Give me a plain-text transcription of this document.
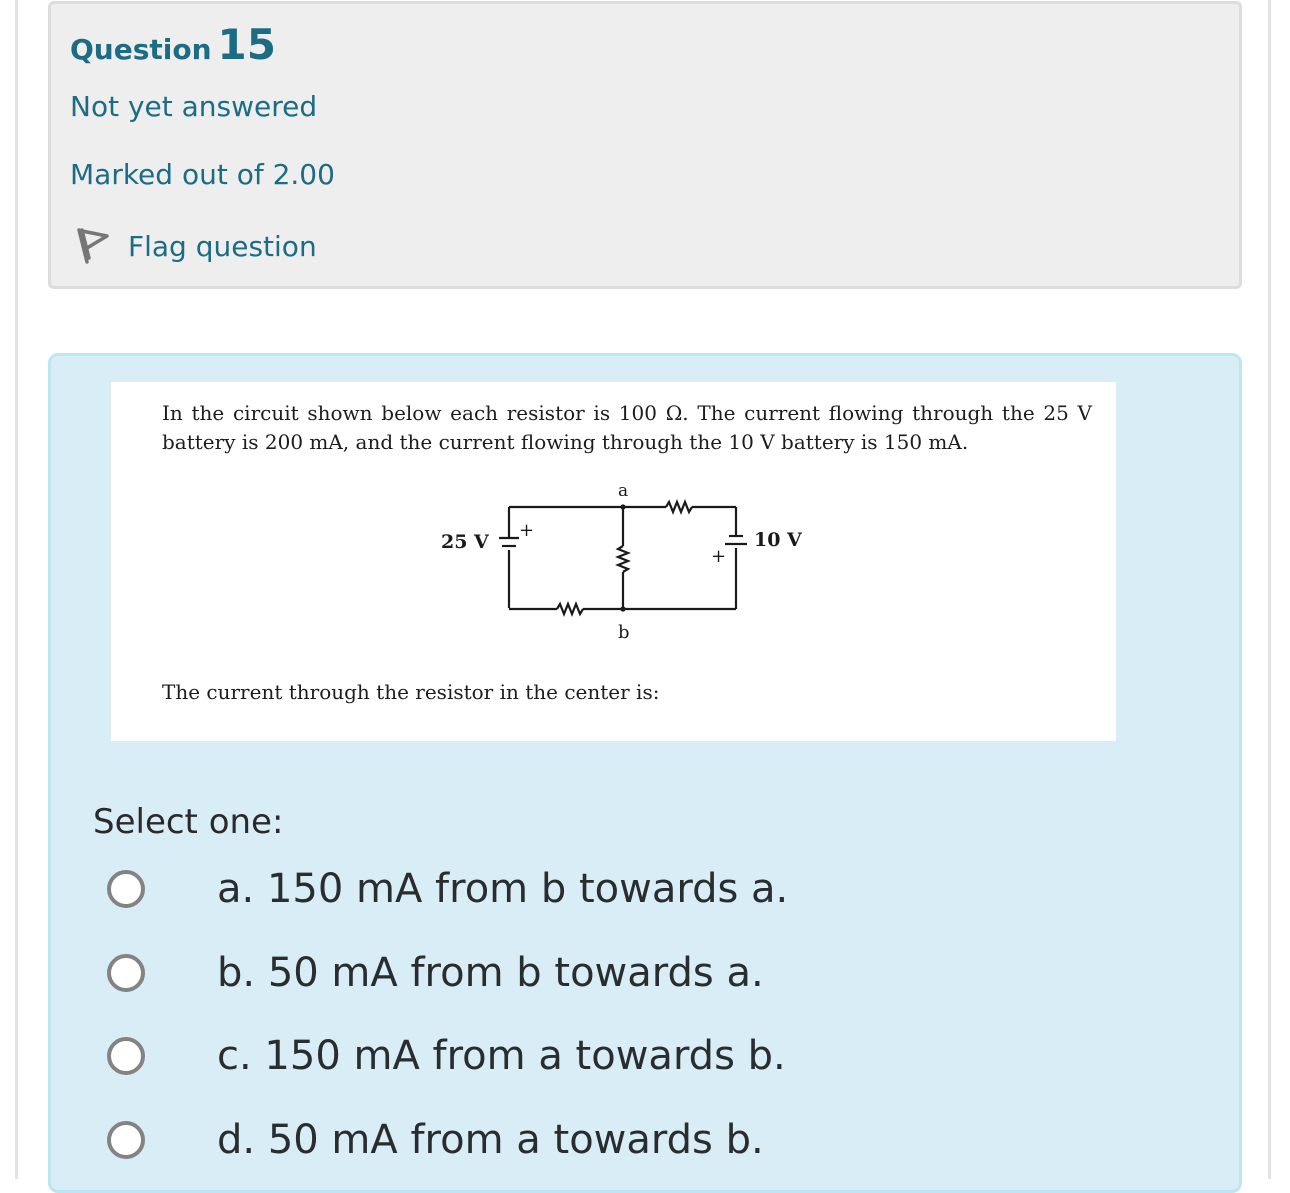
Question 15
Not yet answered
Marked out of 2.00
Flag question
In the circuit shown below each resistor is 100 Ω. The current flowing through the 25 V battery is 200 mA, and the current flowing through the 10 V battery is 150 mA.
a
b
25 V
+	10 V
+
The current through the resistor in the center is:
Select one:
a. 150 mA from b towards a.
b. 50 mA from b towards a.
c. 150 mA from a towards b.
d. 50 mA from a towards b.
